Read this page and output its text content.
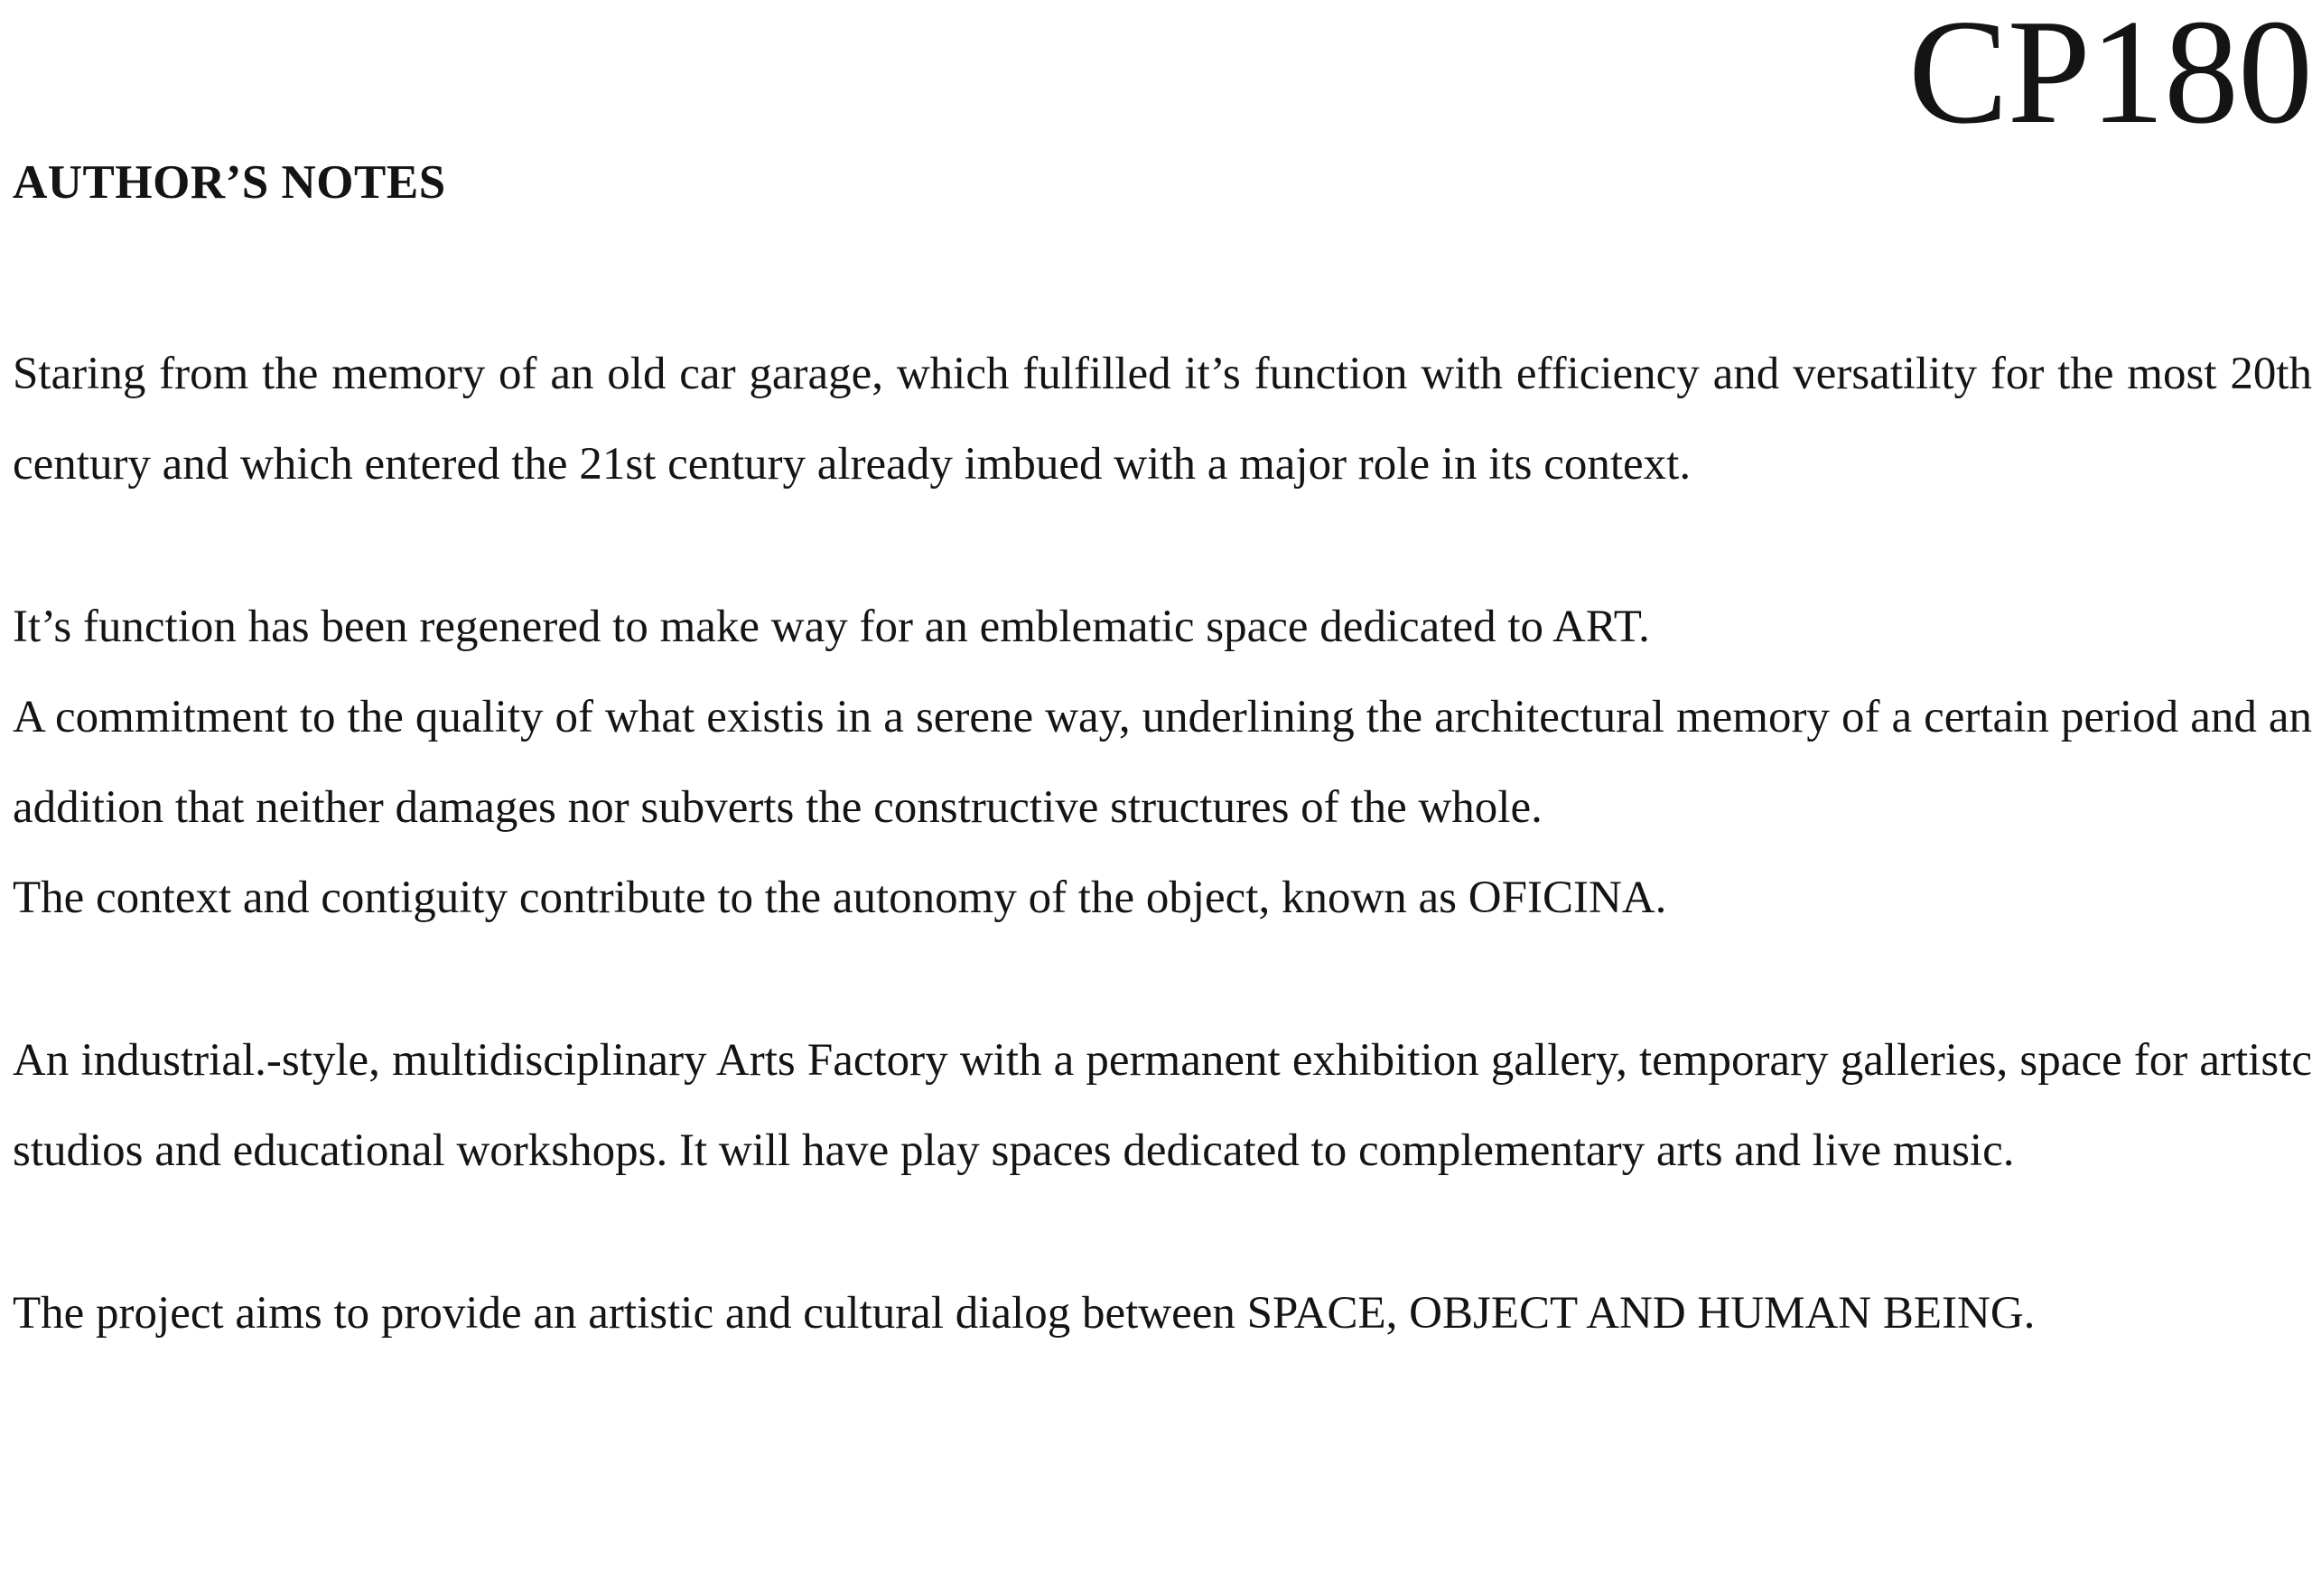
CP180
AUTHOR’S NOTES

Staring from the memory of an old car garage, which fulfilled it’s function with efficiency and versatility for the most 20th century and which entered the 21st century already imbued with a major role in its context.

It’s function has been regenered to make way for an emblematic space dedicated to ART.

A commitment to the quality of what existis in a serene way, underlining the architectural memory of a certain period and an addition that neither damages nor subverts the constructive structures of the whole.

The context and contiguity contribute to the autonomy of the object, known as OFICINA.

An industrial.-style, multidisciplinary Arts Factory with a permanent exhibition gallery, temporary galleries, space for artistc studios and educational workshops. It will have play spaces dedicated to complementary arts and live music.

The project aims to provide an artistic and cultural dialog between SPACE, OBJECT AND HUMAN BEING.
